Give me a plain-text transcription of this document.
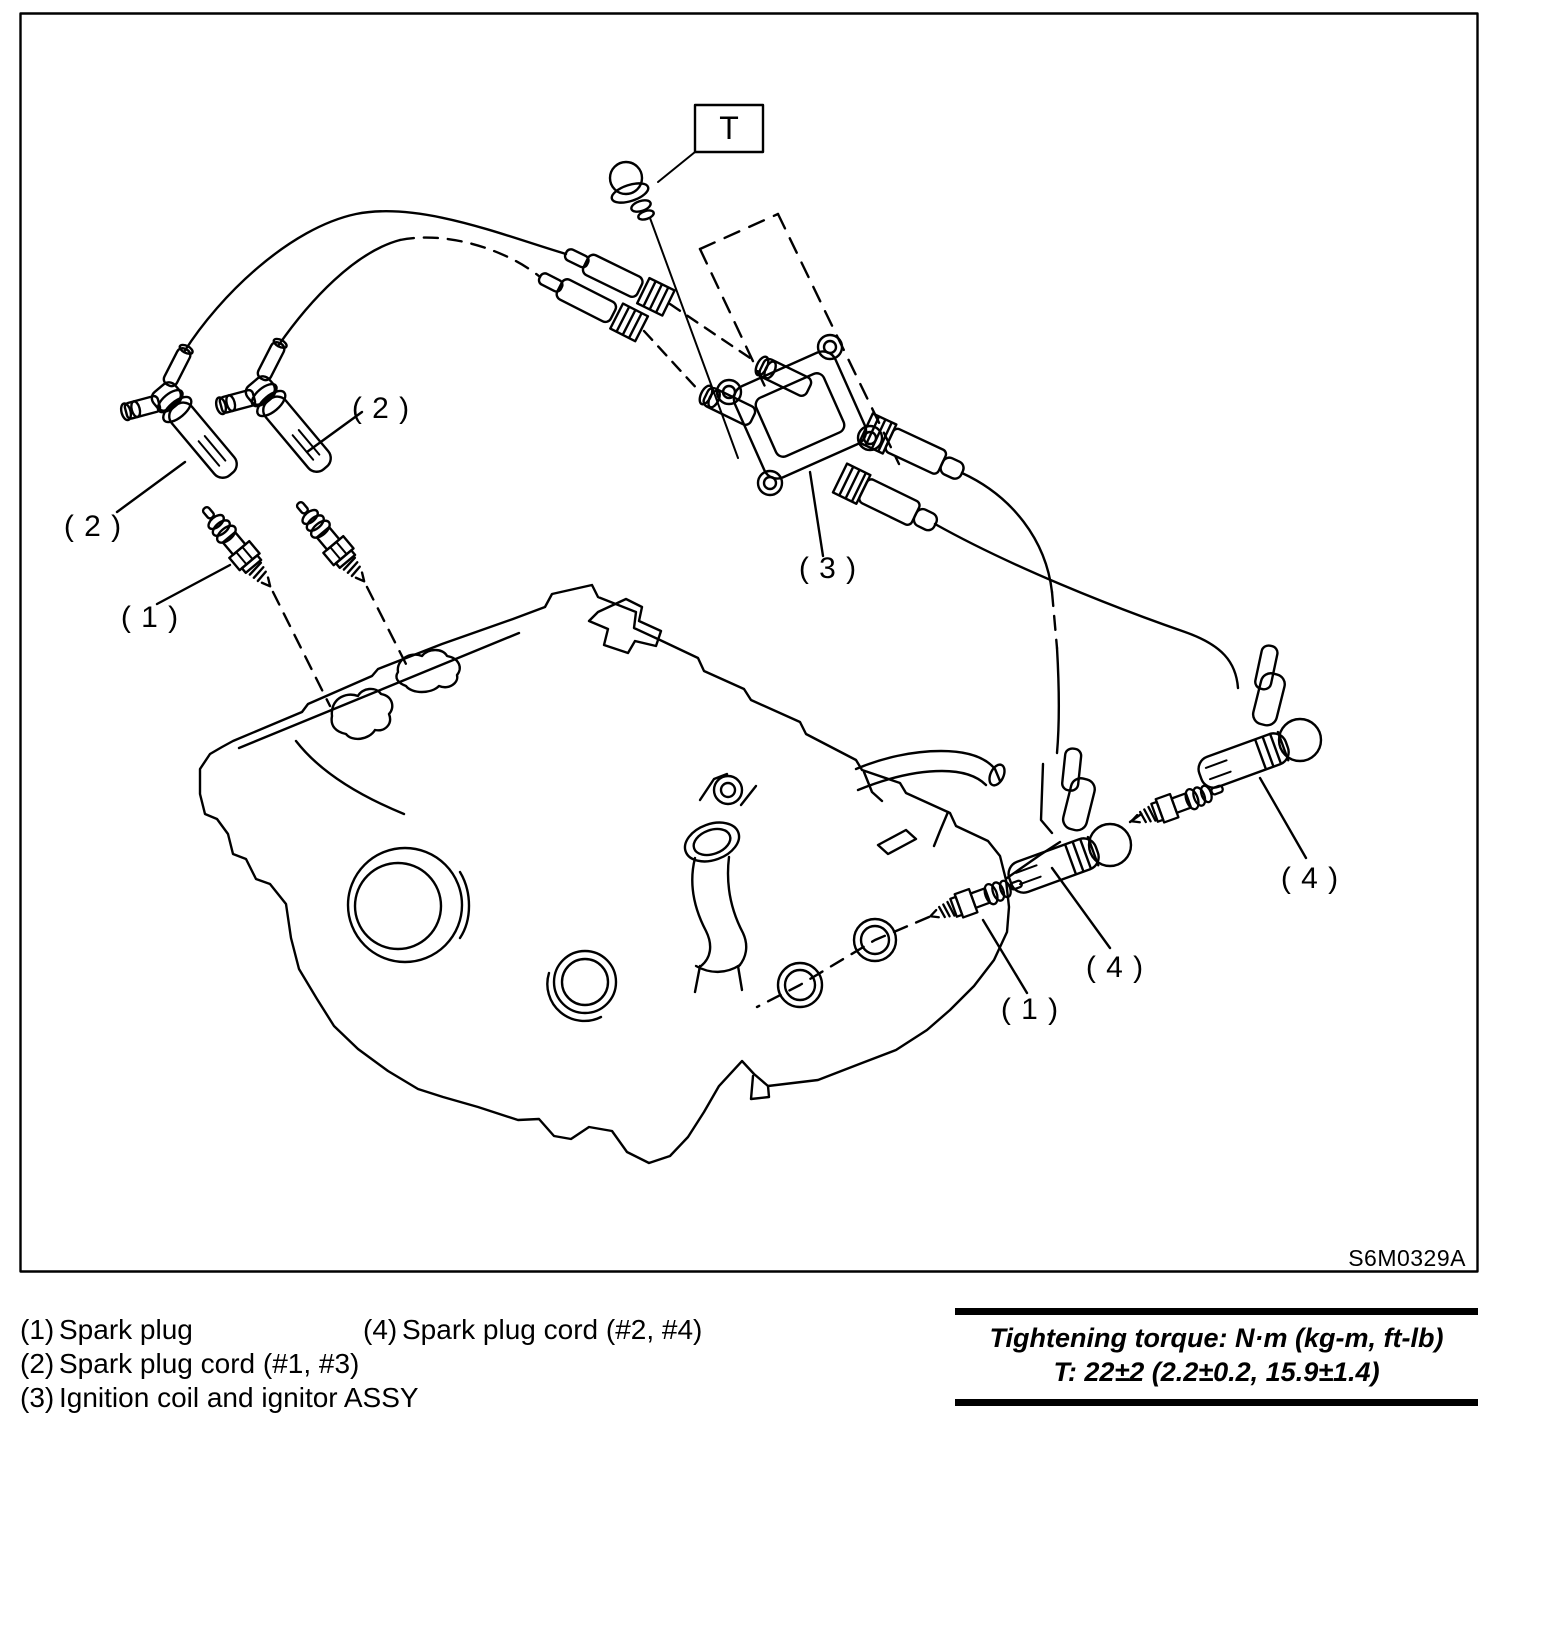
T
( 2 )
( 2 )
( 1 )
( 3 )
( 1 )
( 4 )
( 4 )
S6M0329A
(1) Spark plug
(2) Spark plug cord (#1, #3)
(3) Ignition coil and ignitor ASSY
(4) Spark plug cord (#2, #4)	Tightening torque: N·m (kg-m, ft-lb)
T: 22±2 (2.2±0.2, 15.9±1.4)
